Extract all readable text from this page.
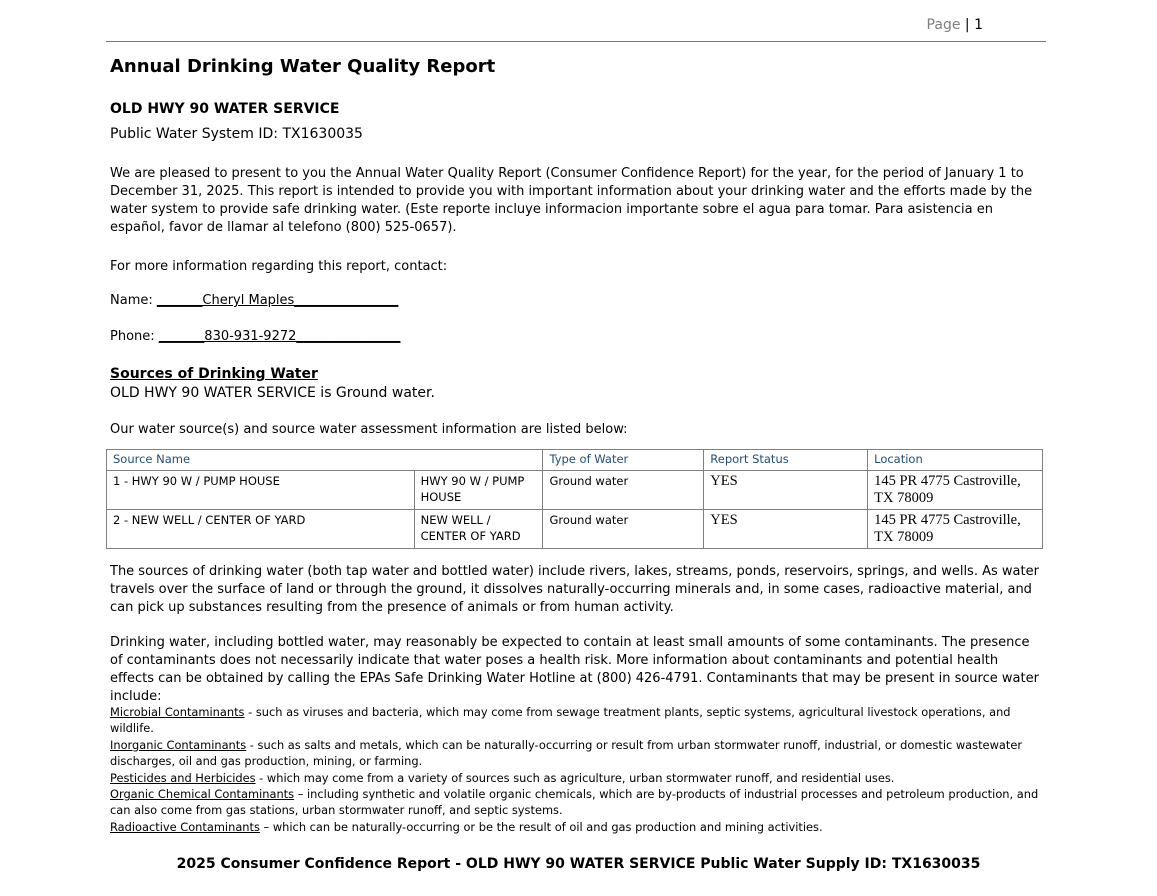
Page | 1
Annual Drinking Water Quality Report
OLD HWY 90 WATER SERVICE
Public Water System ID: TX1630035
We are pleased to present to you the Annual Water Quality Report (Consumer Confidence Report) for the year, for the period of January 1 to December 31, 2025. This report is intended to provide you with important information about your drinking water and the efforts made by the water system to provide safe drinking water. (Este reporte incluye informacion importante sobre el agua para tomar. Para asistencia en español, favor de llamar al telefono (800) 525-0657).
For more information regarding this report, contact:
Name: _______Cheryl Maples________________
Phone: _______830-931-9272________________
Sources of Drinking Water
OLD HWY 90 WATER SERVICE is Ground water.
Our water source(s) and source water assessment information are listed below:
Source Name		Type of Water	Report Status	Location
1 - HWY 90 W / PUMP HOUSE	HWY 90 W / PUMP HOUSE	Ground water	YES	145 PR 4775 Castroville, TX 78009
2 - NEW WELL / CENTER OF YARD	NEW WELL / CENTER OF YARD	Ground water	YES	145 PR 4775 Castroville, TX 78009
The sources of drinking water (both tap water and bottled water) include rivers, lakes, streams, ponds, reservoirs, springs, and wells. As water travels over the surface of land or through the ground, it dissolves naturally-occurring minerals and, in some cases, radioactive material, and can pick up substances resulting from the presence of animals or from human activity.
Drinking water, including bottled water, may reasonably be expected to contain at least small amounts of some contaminants. The presence of contaminants does not necessarily indicate that water poses a health risk. More information about contaminants and potential health effects can be obtained by calling the EPAs Safe Drinking Water Hotline at (800) 426-4791. Contaminants that may be present in source water include:
Microbial Contaminants - such as viruses and bacteria, which may come from sewage treatment plants, septic systems, agricultural livestock operations, and wildlife.
Inorganic Contaminants - such as salts and metals, which can be naturally-occurring or result from urban stormwater runoff, industrial, or domestic wastewater discharges, oil and gas production, mining, or farming.
Pesticides and Herbicides - which may come from a variety of sources such as agriculture, urban stormwater runoff, and residential uses.
Organic Chemical Contaminants – including synthetic and volatile organic chemicals, which are by-products of industrial processes and petroleum production, and can also come from gas stations, urban stormwater runoff, and septic systems.
Radioactive Contaminants – which can be naturally-occurring or be the result of oil and gas production and mining activities.
2025 Consumer Confidence Report - OLD HWY 90 WATER SERVICE Public Water Supply ID: TX1630035
